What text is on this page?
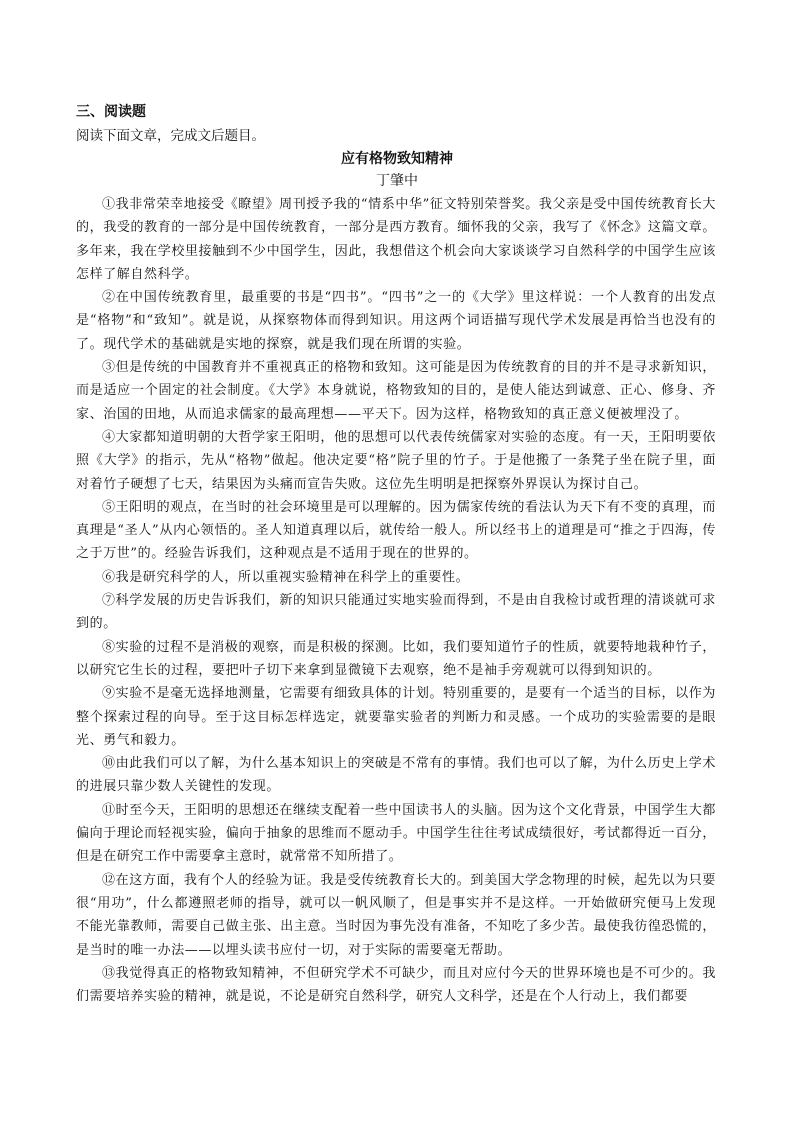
三、阅读题

阅读下面文章，完成文后题目。

应有格物致知精神

丁肇中

①我非常荣幸地接受《瞭望》周刊授予我的“情系中华”征文特别荣誉奖。我父亲是受中国传统教育长大的，我受的教育的一部分是中国传统教育，一部分是西方教育。缅怀我的父亲，我写了《怀念》这篇文章。多年来，我在学校里接触到不少中国学生，因此，我想借这个机会向大家谈谈学习自然科学的中国学生应该怎样了解自然科学。

②在中国传统教育里，最重要的书是“四书”。“四书”之一的《大学》里这样说：一个人教育的出发点是“格物”和“致知”。就是说，从探察物体而得到知识。用这两个词语描写现代学术发展是再恰当也没有的了。现代学术的基础就是实地的探察，就是我们现在所谓的实验。

③但是传统的中国教育并不重视真正的格物和致知。这可能是因为传统教育的目的并不是寻求新知识，而是适应一个固定的社会制度。《大学》本身就说，格物致知的目的，是使人能达到诚意、正心、修身、齐家、治国的田地，从而追求儒家的最高理想——平天下。因为这样，格物致知的真正意义便被埋没了。

④大家都知道明朝的大哲学家王阳明，他的思想可以代表传统儒家对实验的态度。有一天，王阳明要依照《大学》的指示，先从“格物”做起。他决定要“格”院子里的竹子。于是他搬了一条凳子坐在院子里，面对着竹子硬想了七天，结果因为头痛而宣告失败。这位先生明明是把探察外界误认为探讨自己。

⑤王阳明的观点，在当时的社会环境里是可以理解的。因为儒家传统的看法认为天下有不变的真理，而真理是“圣人”从内心领悟的。圣人知道真理以后，就传给一般人。所以经书上的道理是可“推之于四海，传之于万世”的。经验告诉我们，这种观点是不适用于现在的世界的。

⑥我是研究科学的人，所以重视实验精神在科学上的重要性。

⑦科学发展的历史告诉我们，新的知识只能通过实地实验而得到，不是由自我检讨或哲理的清谈就可求到的。

⑧实验的过程不是消极的观察，而是积极的探测。比如，我们要知道竹子的性质，就要特地栽种竹子，以研究它生长的过程，要把叶子切下来拿到显微镜下去观察，绝不是袖手旁观就可以得到知识的。

⑨实验不是毫无选择地测量，它需要有细致具体的计划。特别重要的，是要有一个适当的目标，以作为整个探索过程的向导。至于这目标怎样选定，就要靠实验者的判断力和灵感。一个成功的实验需要的是眼光、勇气和毅力。

⑩由此我们可以了解，为什么基本知识上的突破是不常有的事情。我们也可以了解，为什么历史上学术的进展只靠少数人关键性的发现。

⑪时至今天，王阳明的思想还在继续支配着一些中国读书人的头脑。因为这个文化背景，中国学生大都偏向于理论而轻视实验，偏向于抽象的思维而不愿动手。中国学生往往考试成绩很好，考试都得近一百分，但是在研究工作中需要拿主意时，就常常不知所措了。

⑫在这方面，我有个人的经验为证。我是受传统教育长大的。到美国大学念物理的时候，起先以为只要很“用功”，什么都遵照老师的指导，就可以一帆风顺了，但是事实并不是这样。一开始做研究便马上发现不能光靠教师，需要自己做主张、出主意。当时因为事先没有准备，不知吃了多少苦。最使我彷徨恐慌的，是当时的唯一办法——以埋头读书应付一切，对于实际的需要毫无帮助。

⑬我觉得真正的格物致知精神，不但研究学术不可缺少，而且对应付今天的世界环境也是不可少的。我们需要培养实验的精神，就是说，不论是研究自然科学，研究人文科学，还是在个人行动上，我们都要
